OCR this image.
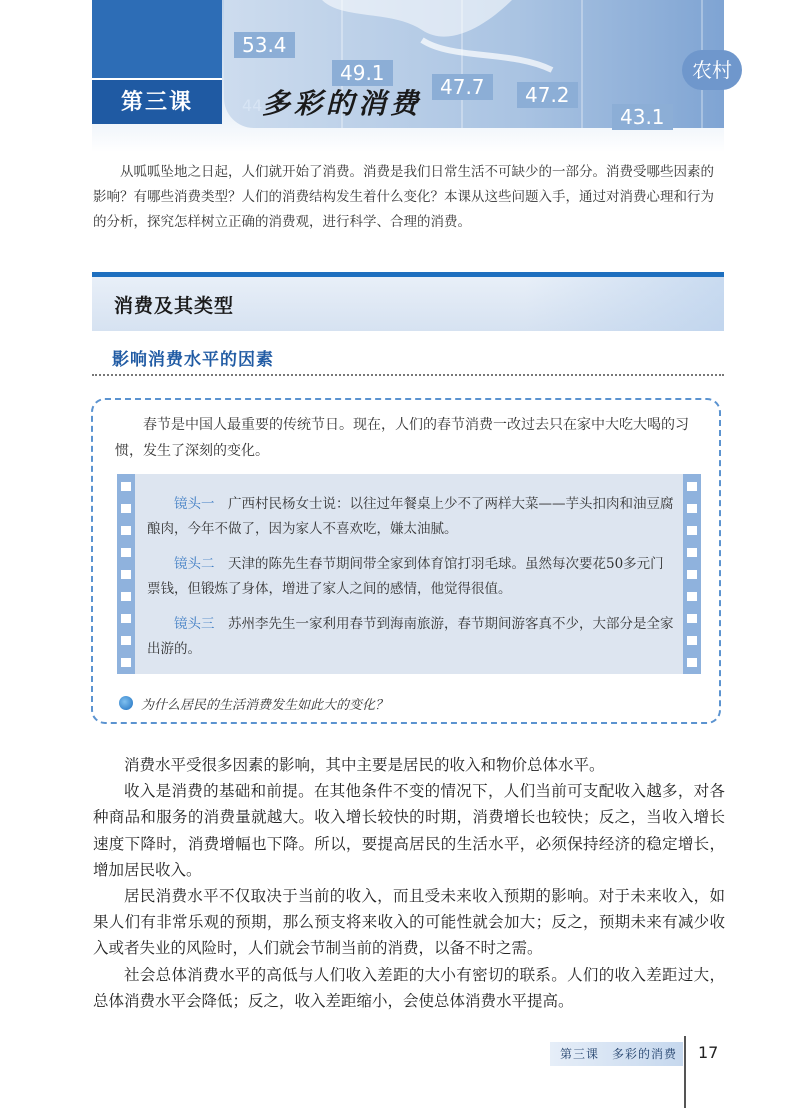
53.4
49.1
47.7	47.2
43.1
农村
第三课	44 多彩的消费
从呱呱坠地之日起，人们就开始了消费。消费是我们日常生活不可缺少的一部分。消费受哪些因素的影响？有哪些消费类型？人们的消费结构发生着什么变化？本课从这些问题入手，通过对消费心理和行为的分析，探究怎样树立正确的消费观，进行科学、合理的消费。
消费及其类型
影响消费水平的因素
春节是中国人最重要的传统节日。现在，人们的春节消费一改过去只在家中大吃大喝的习惯，发生了深刻的变化。

镜头一　 广西村民杨女士说：以往过年餐桌上少不了两样大菜——芋头扣肉和油豆腐酿肉，今年不做了，因为家人不喜欢吃，嫌太油腻。

镜头二　 天津的陈先生春节期间带全家到体育馆打羽毛球。虽然每次要花50多元门票钱，但锻炼了身体，增进了家人之间的感情，他觉得很值。

镜头三　 苏州李先生一家利用春节到海南旅游，春节期间游客真不少，大部分是全家出游的。

为什么居民的生活消费发生如此大的变化？

消费水平受很多因素的影响，其中主要是居民的收入和物价总体水平。

收入是消费的基础和前提。在其他条件不变的情况下，人们当前可支配收入越多，对各种商品和服务的消费量就越大。收入增长较快的时期，消费增长也较快；反之，当收入增长速度下降时，消费增幅也下降。所以，要提高居民的生活水平，必须保持经济的稳定增长，增加居民收入。

居民消费水平不仅取决于当前的收入，而且受未来收入预期的影响。对于未来收入，如果人们有非常乐观的预期，那么预支将来收入的可能性就会加大；反之，预期未来有减少收入或者失业的风险时，人们就会节制当前的消费，以备不时之需。

社会总体消费水平的高低与人们收入差距的大小有密切的联系。人们的收入差距过大，总体消费水平会降低；反之，收入差距缩小，会使总体消费水平提高。

第三课　多彩的消费	17
